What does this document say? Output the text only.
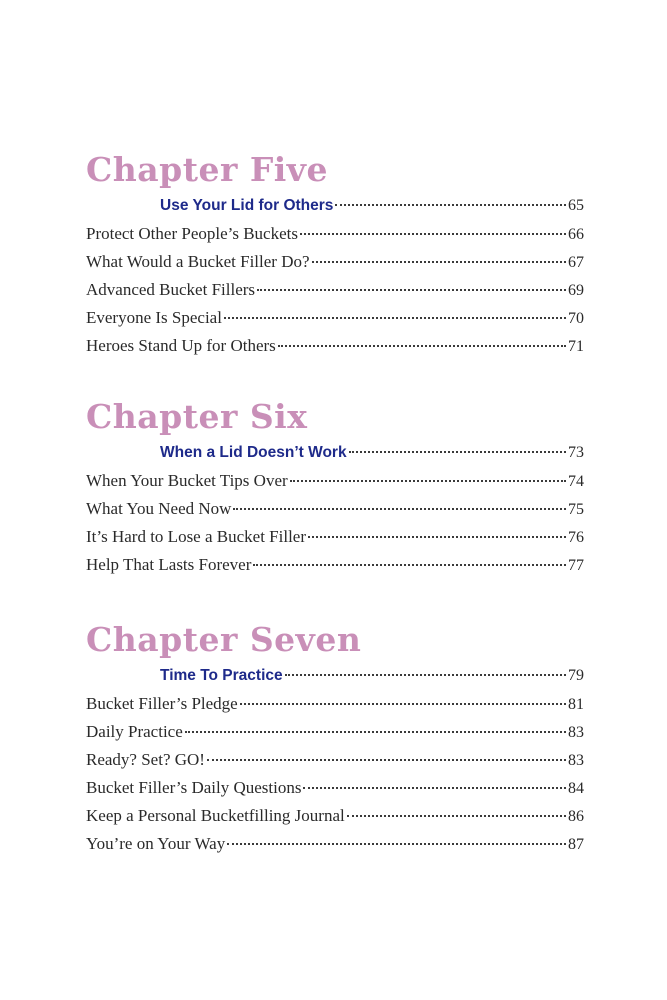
Chapter Five
Use Your Lid for Others	65
Protect Other People’s Buckets	66
What Would a Bucket Filler Do?	67
Advanced Bucket Fillers	69
Everyone Is Special	70
Heroes Stand Up for Others	71
Chapter Six
When a Lid Doesn’t Work	73
When Your Bucket Tips Over	74
What You Need Now	75
It’s Hard to Lose a Bucket Filler	76
Help That Lasts Forever	77
Chapter Seven
Time To Practice	79
Bucket Filler’s Pledge	81
Daily Practice	83
Ready? Set? GO!	83
Bucket Filler’s Daily Questions	84
Keep a Personal Bucketfilling Journal	86
You’re on Your Way	87
